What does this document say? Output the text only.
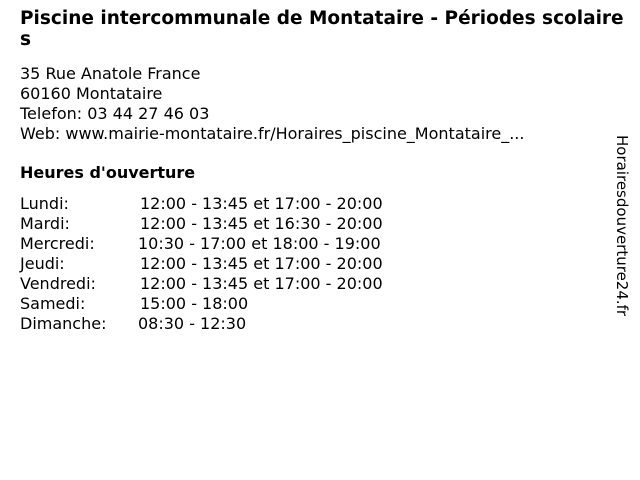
Piscine intercommunale de Montataire - Périodes scolaires
35 Rue Anatole France
60160 Montataire
Telefon: 03 44 27 46 03
Web: www.mairie-montataire.fr/Horaires_piscine_Montataire_...
Heures d'ouverture
Lundi:	12:00 - 13:45 et 17:00 - 20:00
Mardi:	12:00 - 13:45 et 16:30 - 20:00
Mercredi:	10:30 - 17:00 et 18:00 - 19:00
Jeudi:	12:00 - 13:45 et 17:00 - 20:00
Vendredi:	12:00 - 13:45 et 17:00 - 20:00
Samedi:	15:00 - 18:00
Dimanche: 08:30 - 12:30
Horairesdouverture24.fr
